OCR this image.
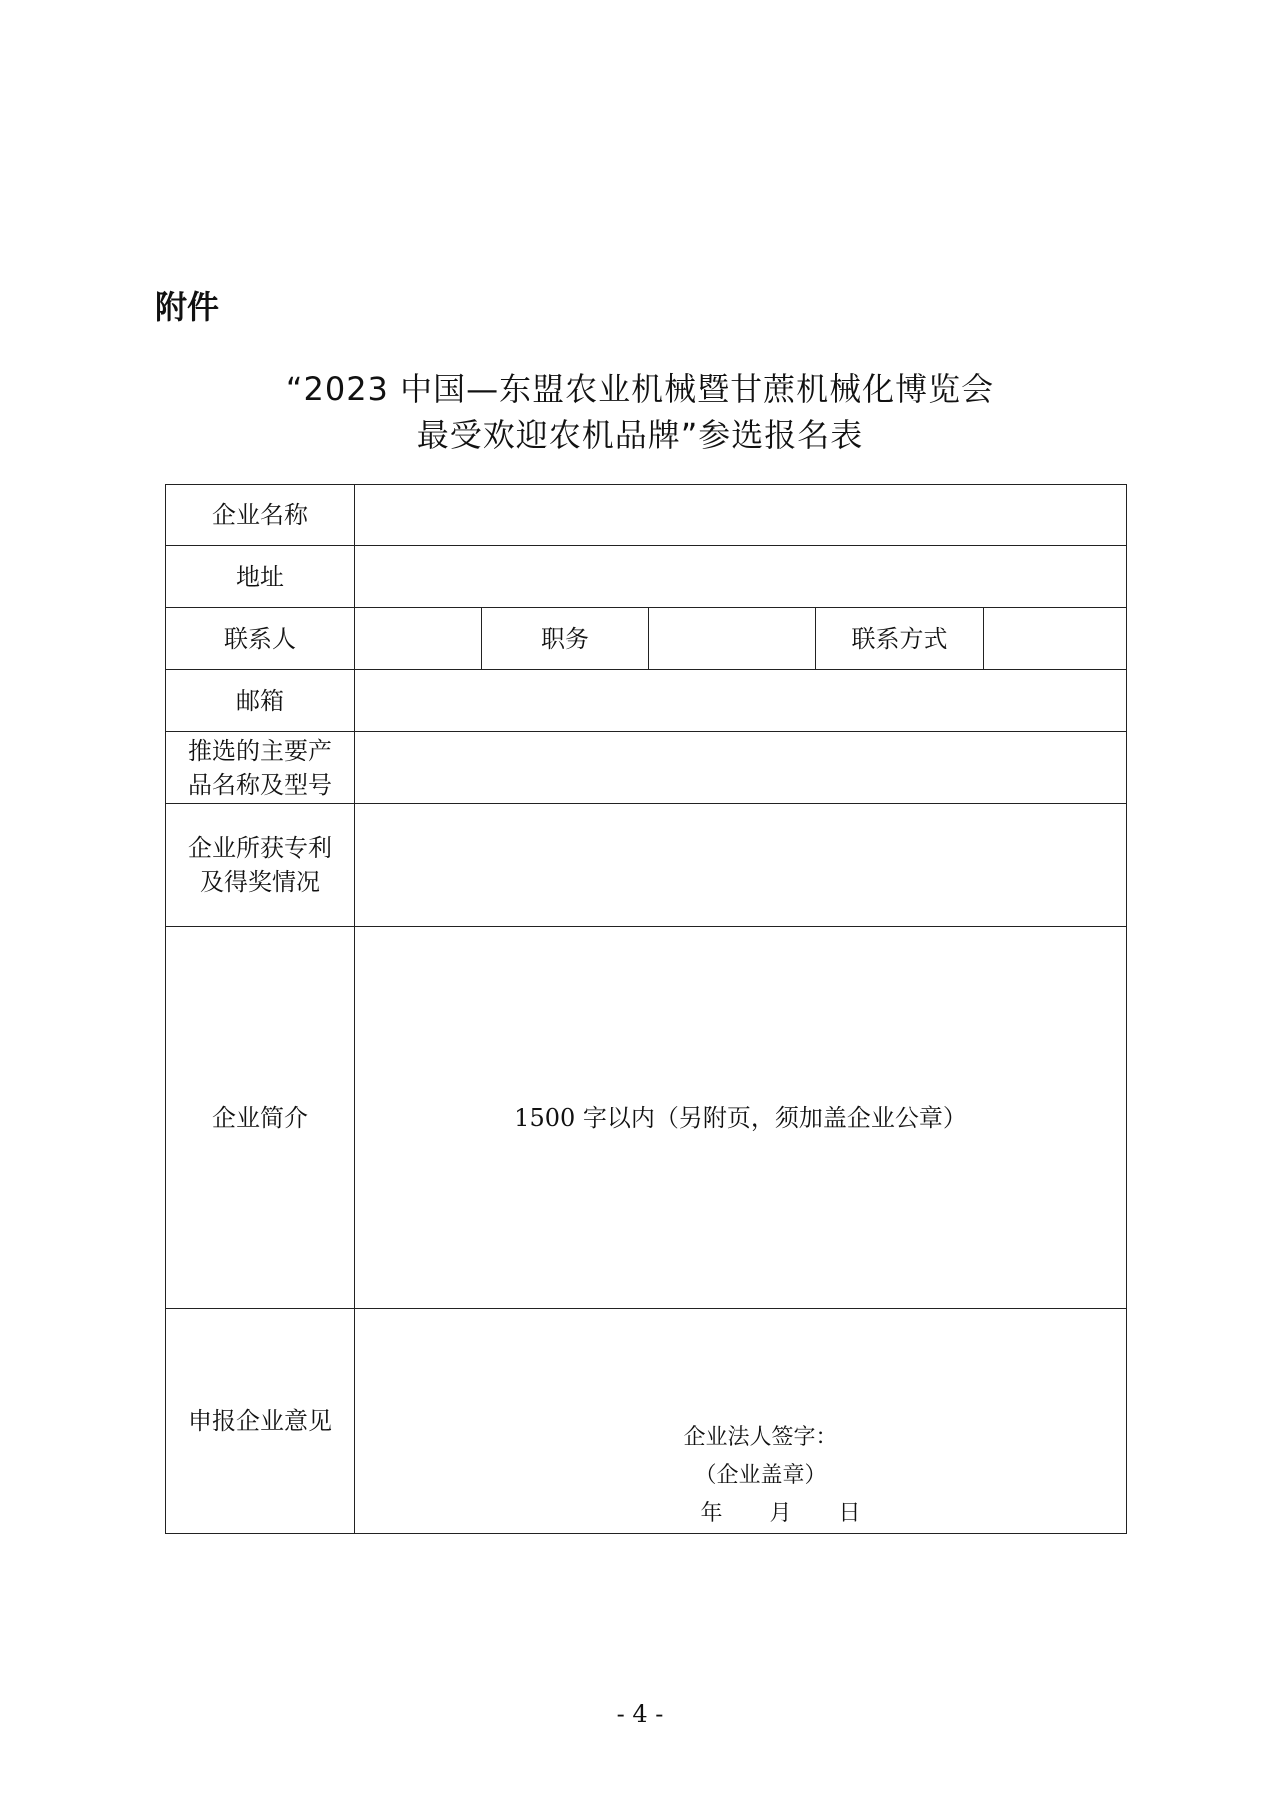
附件
“2023 中国—东盟农业机械暨甘蔗机械化博览会
最受欢迎农机品牌”参选报名表
企业名称					
地址					
联系人		职务		联系方式	
邮箱					

推选的主要产
品名称及型号					

企业所获专利
及得奖情况					

企业简介	1500 字以内（另附页，须加盖企业公章）				
申报企业意见	企业法人签字：
（企业盖章）
年 月 日				
- 4 -
